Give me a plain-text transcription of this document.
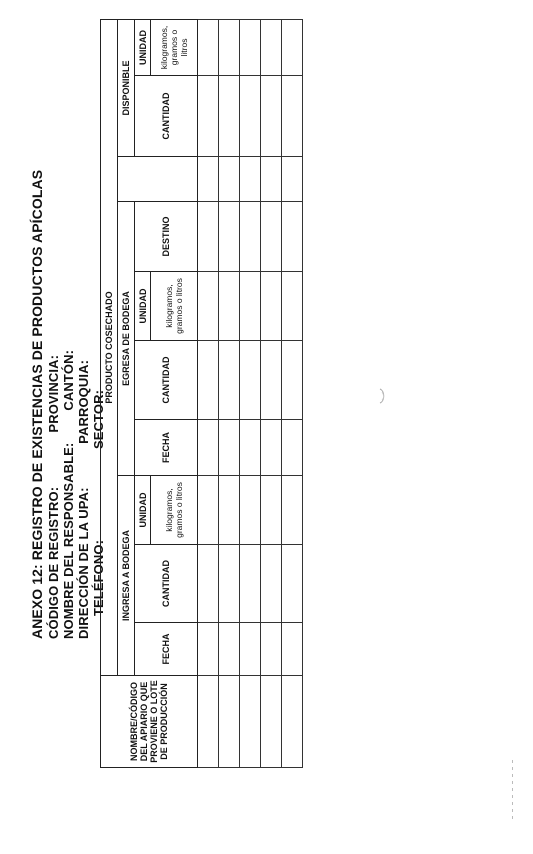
ANEXO 12: REGISTRO DE EXISTENCIAS DE PRODUCTOS APÍCOLAS CÓDIGO DE REGISTRO: NOMBRE DEL RESPONSABLE: DIRECCIÓN DE LA UPA: TELÉFONO:
PROVINCIA: CANTÓN: PARROQUIA: SECTOR:
NOMBRE/CÓDIGO DEL APIARIO QUE PROVIENE O LOTE DE PRODUCCIÓN	PRODUCTO COSECHADO									
	INGRESA A BODEGA			EGRESA DE BODEGA					DISPONIBLE	
	FECHA	CANTIDAD	UNIDAD	FECHA	CANTIDAD	UNIDAD	DESTINO		CANTIDAD	UNIDAD
			kilogramos, gramos o litros			kilogramos, gramos o litros				kilogramos, gramos o litros
